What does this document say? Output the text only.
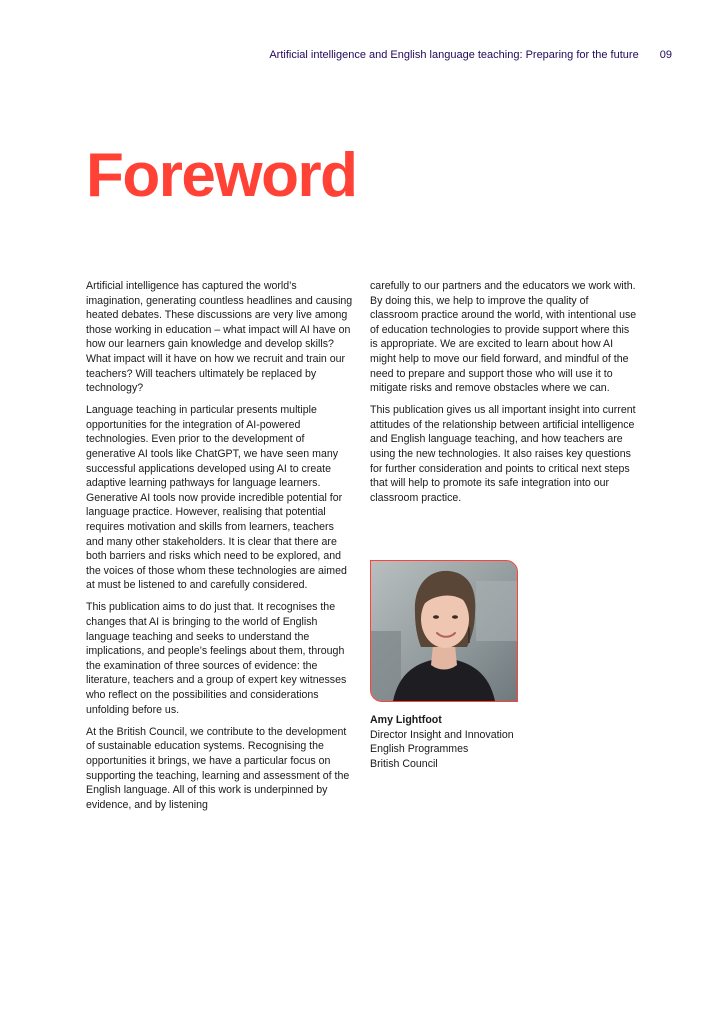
Artificial intelligence and English language teaching: Preparing for the future 09
Foreword

Artificial intelligence has captured the world’s imagination, generating countless headlines and causing heated debates. These discussions are very live among those working in education – what impact will AI have on how our learners gain knowledge and develop skills? What impact will it have on how we recruit and train our teachers? Will teachers ultimately be replaced by technology?

Language teaching in particular presents multiple opportunities for the integration of AI-powered technologies. Even prior to the development of generative AI tools like ChatGPT, we have seen many successful applications developed using AI to create adaptive learning pathways for language learners. Generative AI tools now provide incredible potential for language practice. However, realising that potential requires motivation and skills from learners, teachers and many other stakeholders. It is clear that there are both barriers and risks which need to be explored, and the voices of those whom these technologies are aimed at must be listened to and carefully considered.

This publication aims to do just that. It recognises the changes that AI is bringing to the world of English language teaching and seeks to understand the implications, and people’s feelings about them, through the examination of three sources of evidence: the literature, teachers and a group of expert key witnesses who reflect on the possibilities and considerations unfolding before us.

At the British Council, we contribute to the development of sustainable education systems. Recognising the opportunities it brings, we have a particular focus on supporting the teaching, learning and assessment of the English language. All of this work is underpinned by evidence, and by listening

carefully to our partners and the educators we work with. By doing this, we help to improve the quality of classroom practice around the world, with intentional use of education technologies to provide support where this is appropriate. We are excited to learn about how AI might help to move our field forward, and mindful of the need to prepare and support those who will use it to mitigate risks and remove obstacles where we can.

This publication gives us all important insight into current attitudes of the relationship between artificial intelligence and English language teaching, and how teachers are using the new technologies. It also raises key questions for further consideration and points to critical next steps that will help to promote its safe integration into our classroom practice.

Amy Lightfoot
Director Insight and Innovation
English Programmes
British Council
